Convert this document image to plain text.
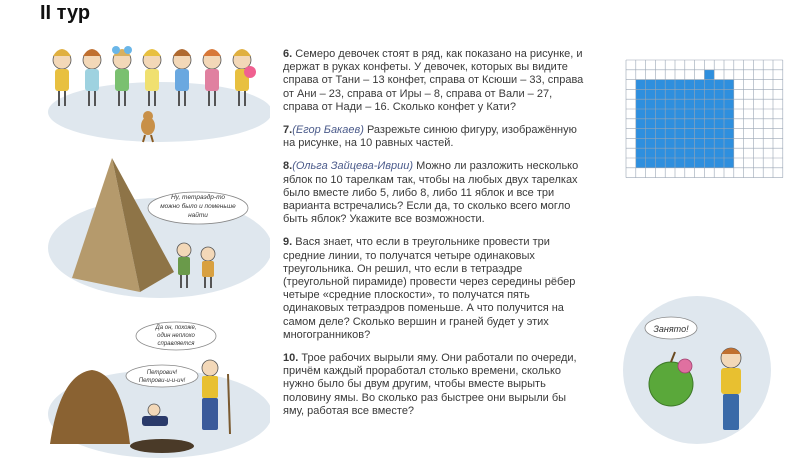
II тур

6. Семеро девочек стоят в ряд, как показано на рисунке, и держат в руках конфеты. У девочек, которых вы видите справа от Тани – 13 конфет, справа от Ксюши – 33, справа от Ани – 23, справа от Иры – 8, справа от Вали – 27, справа от Нади – 16. Сколько конфет у Кати?

7.(Егор Бакаев) Разрежьте синюю фигуру, изображённую на рисунке, на 10 равных частей.

8.(Ольга Зайцева-Иврии) Можно ли разложить несколько яблок по 10 тарелкам так, чтобы на любых двух тарелках было вместе либо 5, либо 8, либо 11 яблок и все три варианта встречались? Если да, то сколько всего могло быть яблок? Укажите все возможности.

9. Вася знает, что если в треугольнике провести три средние линии, то получатся четыре одинаковых треугольника. Он решил, что если в тетраэдре (треугольной пирамиде) провести через середины рёбер четыре «средние плоскости», то получатся пять одинаковых тетраэдров поменьше. А что получится на самом деле? Сколько вершин и граней будет у этих многогранников?

10. Трое рабочих вырыли яму. Они работали по очереди, причём каждый проработал столько времени, сколько нужно было бы двум другим, чтобы вместе вырыть половину ямы. Во сколько раз быстрее они вырыли бы яму, работая все вместе?

Ну, тетраэдр-то
можно было и поменьше
найти
Да он, похоже,
один неплохо
справляется
Петрович!
Петрови-и-и-ич!
Занято!
